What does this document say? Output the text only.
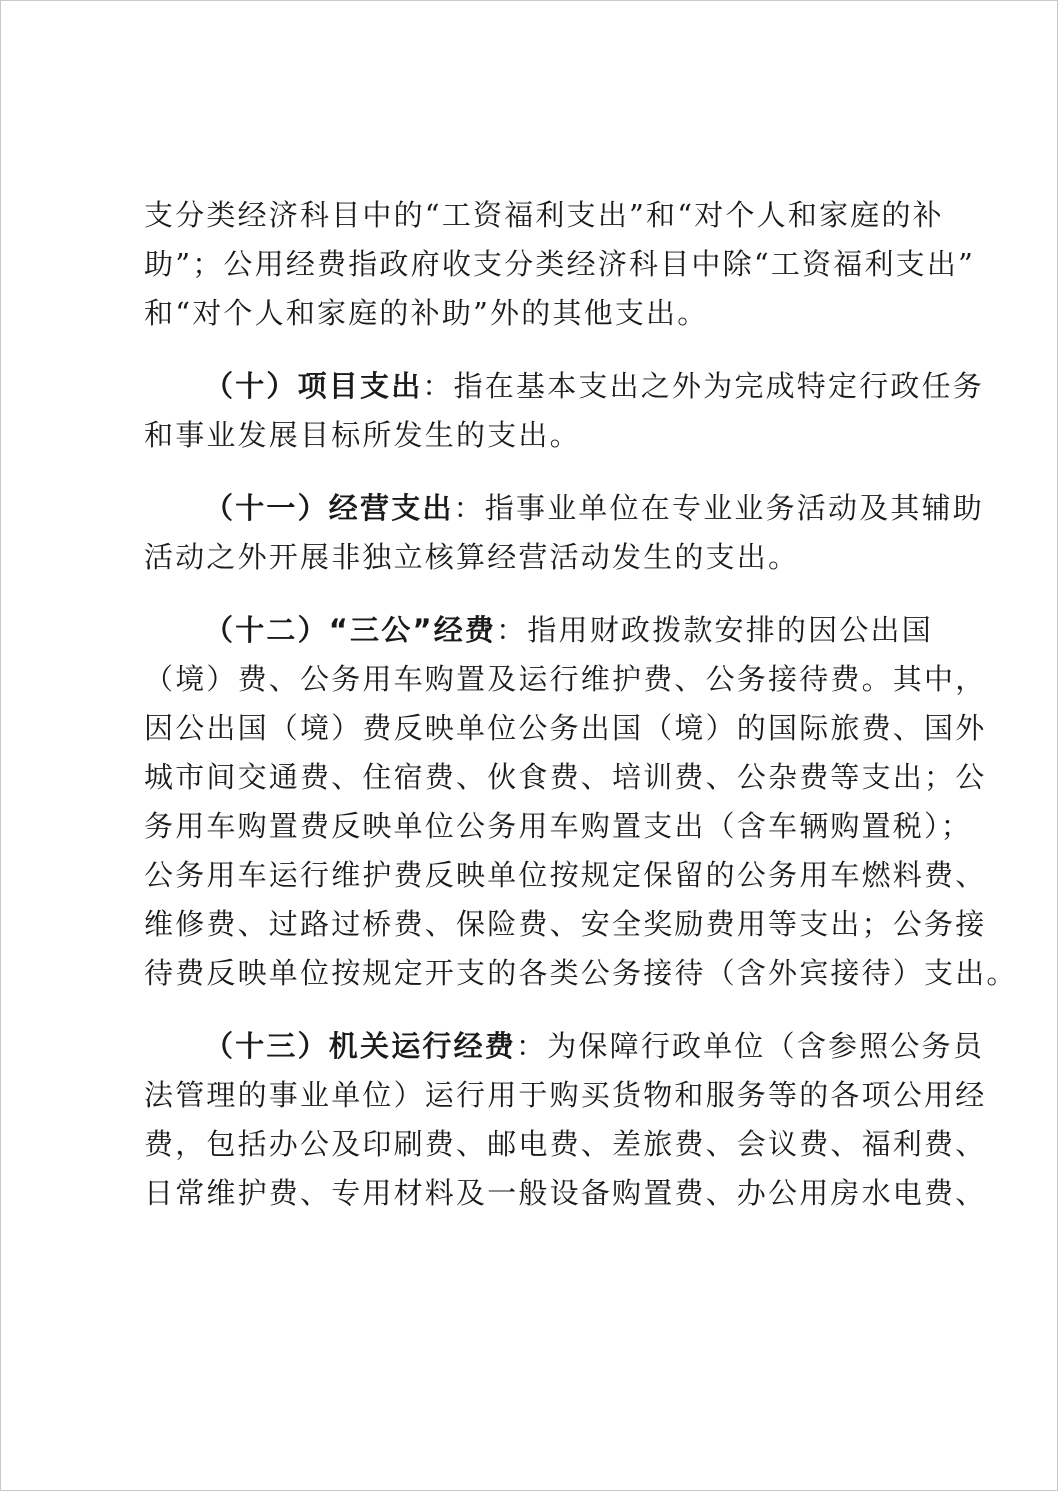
支分类经济科目中的“工资福利支出”和“对个人和家庭的补
助”；公用经费指政府收支分类经济科目中除“工资福利支出”
和“对个人和家庭的补助”外的其他支出。
（十）项目支出：指在基本支出之外为完成特定行政任务
和事业发展目标所发生的支出。
（十一）经营支出：指事业单位在专业业务活动及其辅助
活动之外开展非独立核算经营活动发生的支出。
（十二）“三公”经费：指用财政拨款安排的因公出国
（境）费、公务用车购置及运行维护费、公务接待费。其中，
因公出国（境）费反映单位公务出国（境）的国际旅费、国外
城市间交通费、住宿费、伙食费、培训费、公杂费等支出；公
务用车购置费反映单位公务用车购置支出（含车辆购置税）；
公务用车运行维护费反映单位按规定保留的公务用车燃料费、
维修费、过路过桥费、保险费、安全奖励费用等支出；公务接
待费反映单位按规定开支的各类公务接待（含外宾接待）支出。
（十三）机关运行经费：为保障行政单位（含参照公务员
法管理的事业单位）运行用于购买货物和服务等的各项公用经
费，包括办公及印刷费、邮电费、差旅费、会议费、福利费、
日常维护费、专用材料及一般设备购置费、办公用房水电费、
